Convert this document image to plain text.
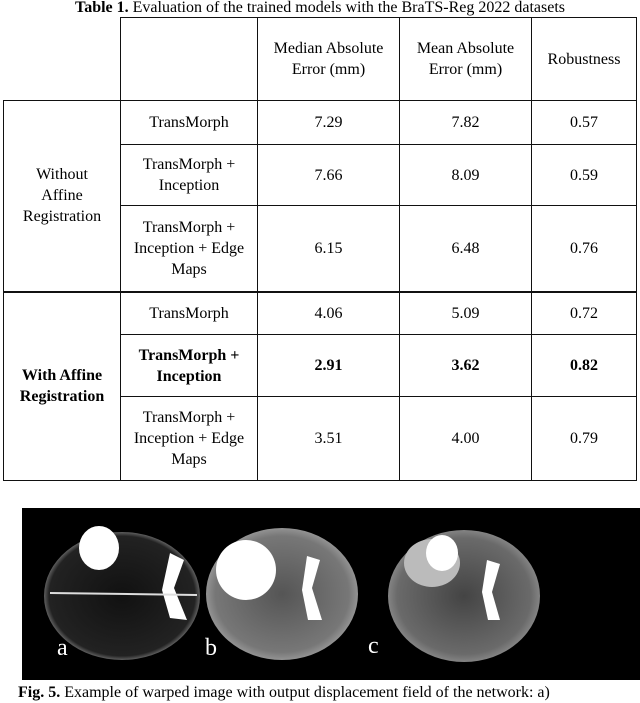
Table 1. Evaluation of the trained models with the BraTS-Reg 2022 datasets
		Median Absolute Error (mm)	Mean Absolute Error (mm)	Robustness
Without Affine Registration	TransMorph	7.29	7.82	0.57
	TransMorph + Inception	7.66	8.09	0.59
	TransMorph + Inception + Edge Maps	6.15	6.48	0.76
With Affine Registration	TransMorph	4.06	5.09	0.72
	TransMorph + Inception	2.91	3.62	0.82
	TransMorph + Inception + Edge Maps	3.51	4.00	0.79
a	b	c
Fig. 5. Example of warped image with output displacement field of the network: a)
